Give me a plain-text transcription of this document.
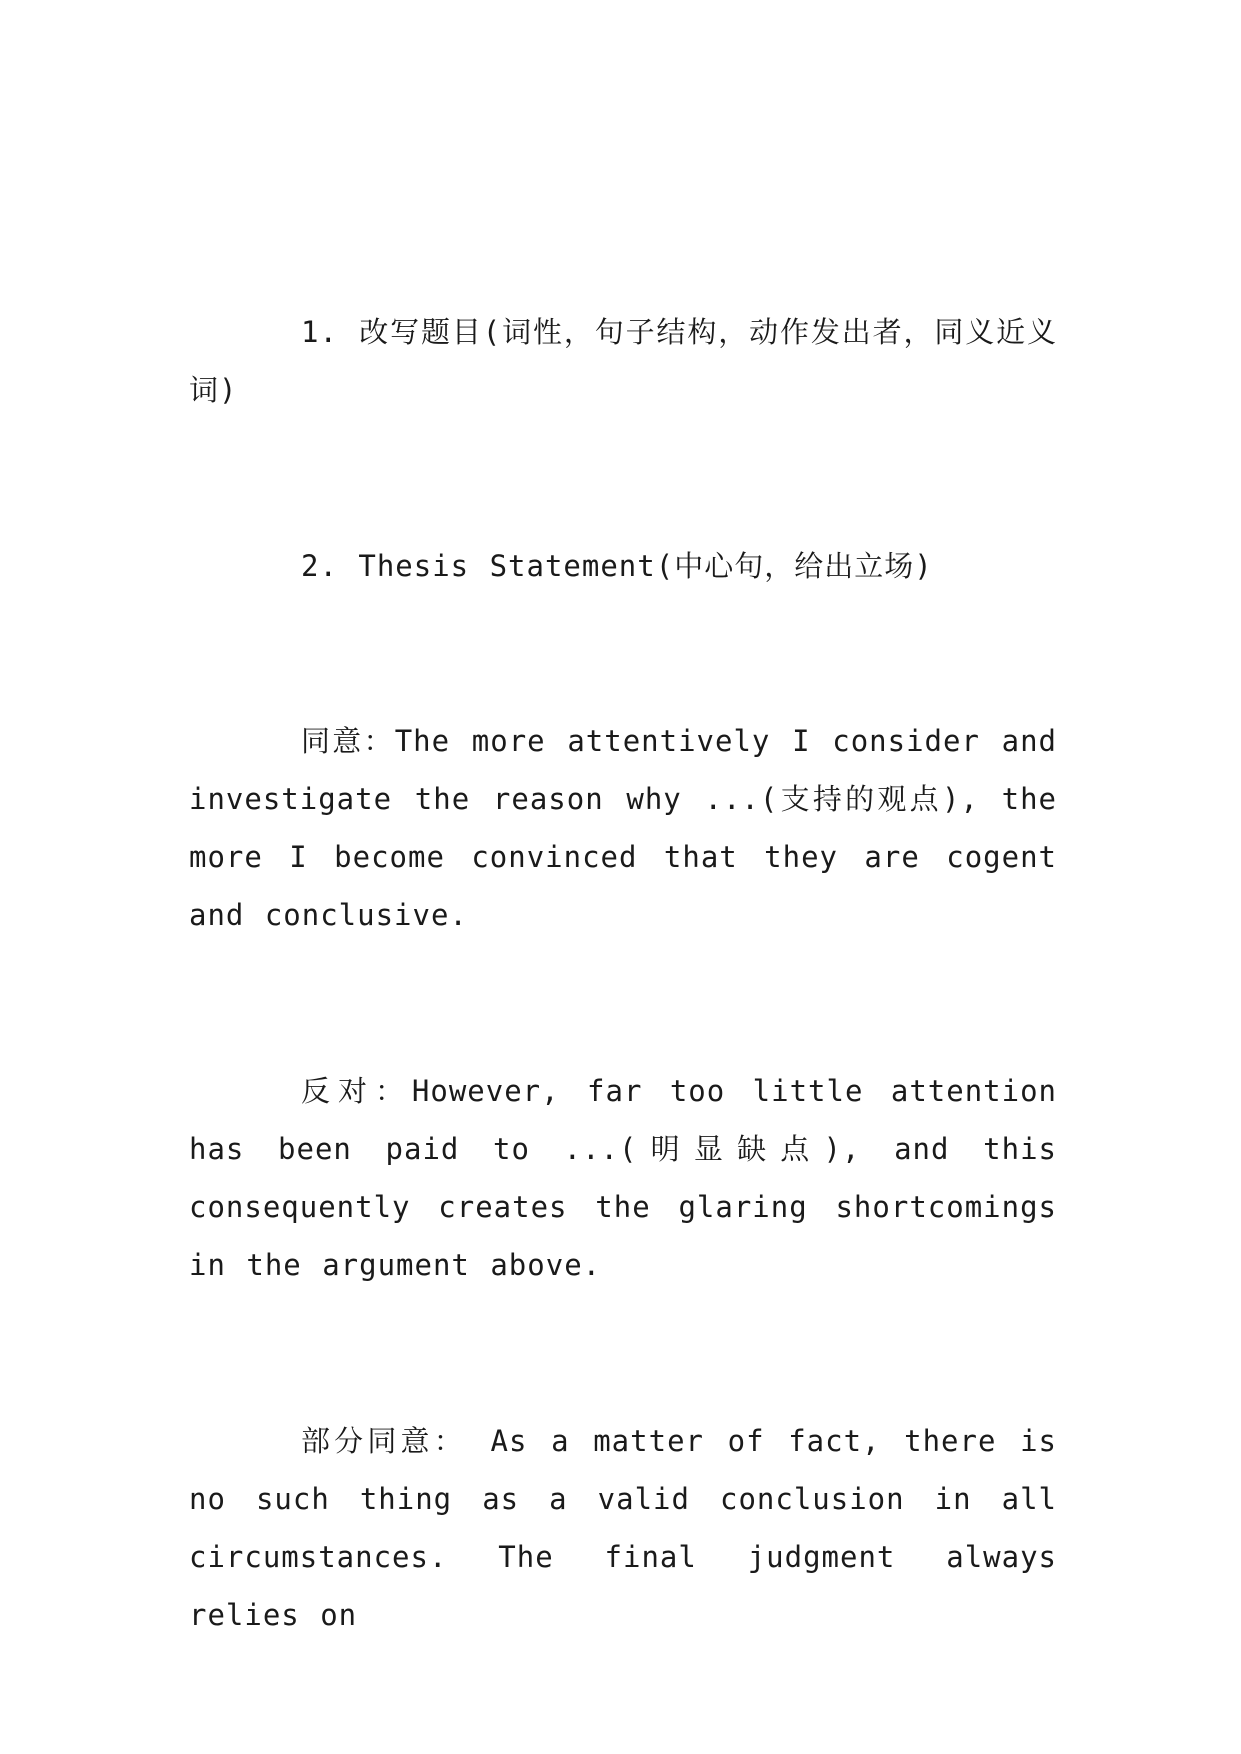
1. 改写题目(词性，句子结构，动作发出者，同义近义词)

2. Thesis Statement(中心句，给出立场)

同意：The more attentively I consider and investigate the reason why ...(支持的观点), the more I become convinced that they are cogent and conclusive.

反对：However, far too little attention has been paid to ...(明显缺点), and this consequently creates the glaring shortcomings in the argument above.

部分同意： As a matter of fact, there is no such thing as a valid conclusion in all circumstances. The final judgment always relies on
